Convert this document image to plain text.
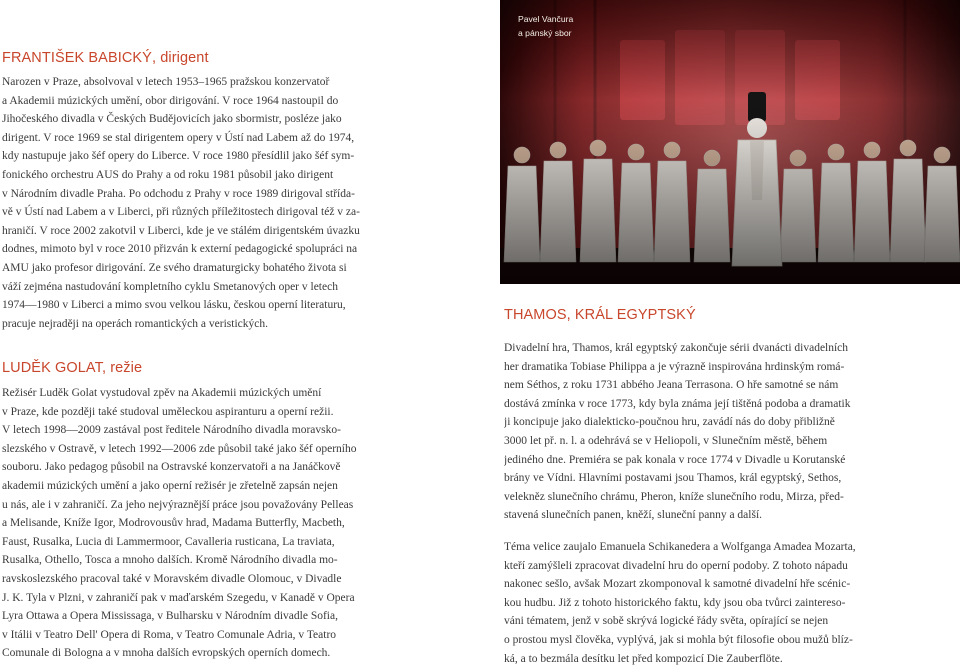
FRANTIŠEK BABICKÝ, dirigent
Narozen v Praze, absolvoval v letech 1953–1965 pražskou konzervatoř
a Akademii múzických umění, obor dirigování. V roce 1964 nastoupil do
Jihočeského divadla v Českých Budějovicích jako sbormistr, posléze jako
dirigent. V roce 1969 se stal dirigentem opery v Ústí nad Labem až do 1974,
kdy nastupuje jako šéf opery do Liberce. V roce 1980 přesídlil jako šéf sym-
fonického orchestru AUS do Prahy a od roku 1981 působil jako dirigent
v Národním divadle Praha. Po odchodu z Prahy v roce 1989 dirigoval střída-
vě v Ústí nad Labem a v Liberci, při různých příležitostech dirigoval též v za-
hraničí. V roce 2002 zakotvil v Liberci, kde je ve stálém dirigentském úvazku
dodnes, mimoto byl v roce 2010 přizván k externí pedagogické spolupráci na
AMU jako profesor dirigování. Ze svého dramaturgicky bohatého života si
váží zejména nastudování kompletního cyklu Smetanových oper v letech
1974—1980 v Liberci a mimo svou velkou lásku, českou operní literaturu,
pracuje nejraději na operách romantických a veristických.
LUDĚK GOLAT, režie
Režisér Luděk Golat vystudoval zpěv na Akademii múzických umění
v Praze, kde později také studoval uměleckou aspiranturu a operní režii.
V letech 1998—2009 zastával post ředitele Národního divadla moravsko-
slezského v Ostravě, v letech 1992—2006 zde působil také jako šéf operního
souboru. Jako pedagog působil na Ostravské konzervatoři a na Janáčkově
akademii múzických umění a jako operní režisér je zřetelně zapsán nejen
u nás, ale i v zahraničí. Za jeho nejvýraznější práce jsou považovány Pelleas
a Melisande, Kníže Igor, Modrovousův hrad, Madama Butterfly, Macbeth,
Faust, Rusalka, Lucia di Lammermoor, Cavalleria rusticana, La traviata,
Rusalka, Othello, Tosca a mnoho dalších. Kromě Národního divadla mo-
ravskoslezského pracoval také v Moravském divadle Olomouc, v Divadle
J. K. Tyla v Plzni, v zahraničí pak v maďarském Szegedu, v Kanadě v Opera
Lyra Ottawa a Opera Mississaga, v Bulharsku v Národním divadle Sofia,
v Itálii v Teatro Dell' Opera di Roma, v Teatro Comunale Adria, v Teatro
Comunale di Bologna a v mnoha dalších evropských operních domech.
Pavel Vančura
a pánský sbor
THAMOS, KRÁL EGYPTSKÝ
Divadelní hra, Thamos, král egyptský zakončuje sérii dvanácti divadelních
her dramatika Tobiase Philippa a je výrazně inspirována hrdinským romá-
nem Séthos, z roku 1731 abbého Jeana Terrasona. O hře samotné se nám
dostává zmínka v roce 1773, kdy byla známa její tištěná podoba a dramatik
ji koncipuje jako dialekticko-poučnou hru, zavádí nás do doby přibližně
3000 let př. n. l. a odehrává se v Heliopoli, v Slunečním městě, během
jediného dne. Premiéra se pak konala v roce 1774 v Divadle u Korutanské
brány ve Vídni. Hlavními postavami jsou Thamos, král egyptský, Sethos,
velekněz slunečního chrámu, Pheron, kníže slunečního rodu, Mirza, před-
stavená slunečních panen, kněží, sluneční panny a další.
Téma velice zaujalo Emanuela Schikanedera a Wolfganga Amadea Mozarta,
kteří zamýšleli zpracovat divadelní hru do operní podoby. Z tohoto nápadu
nakonec sešlo, avšak Mozart zkomponoval k samotné divadelní hře scénic-
kou hudbu. Již z tohoto historického faktu, kdy jsou oba tvůrci zaintereso-
váni tématem, jenž v sobě skrývá logické řády světa, opírající se nejen
o prostou mysl člověka, vyplývá, jak si mohla být filosofie obou mužů blíz-
ká, a to bezmála desítku let před kompozicí Die Zauberflöte.
